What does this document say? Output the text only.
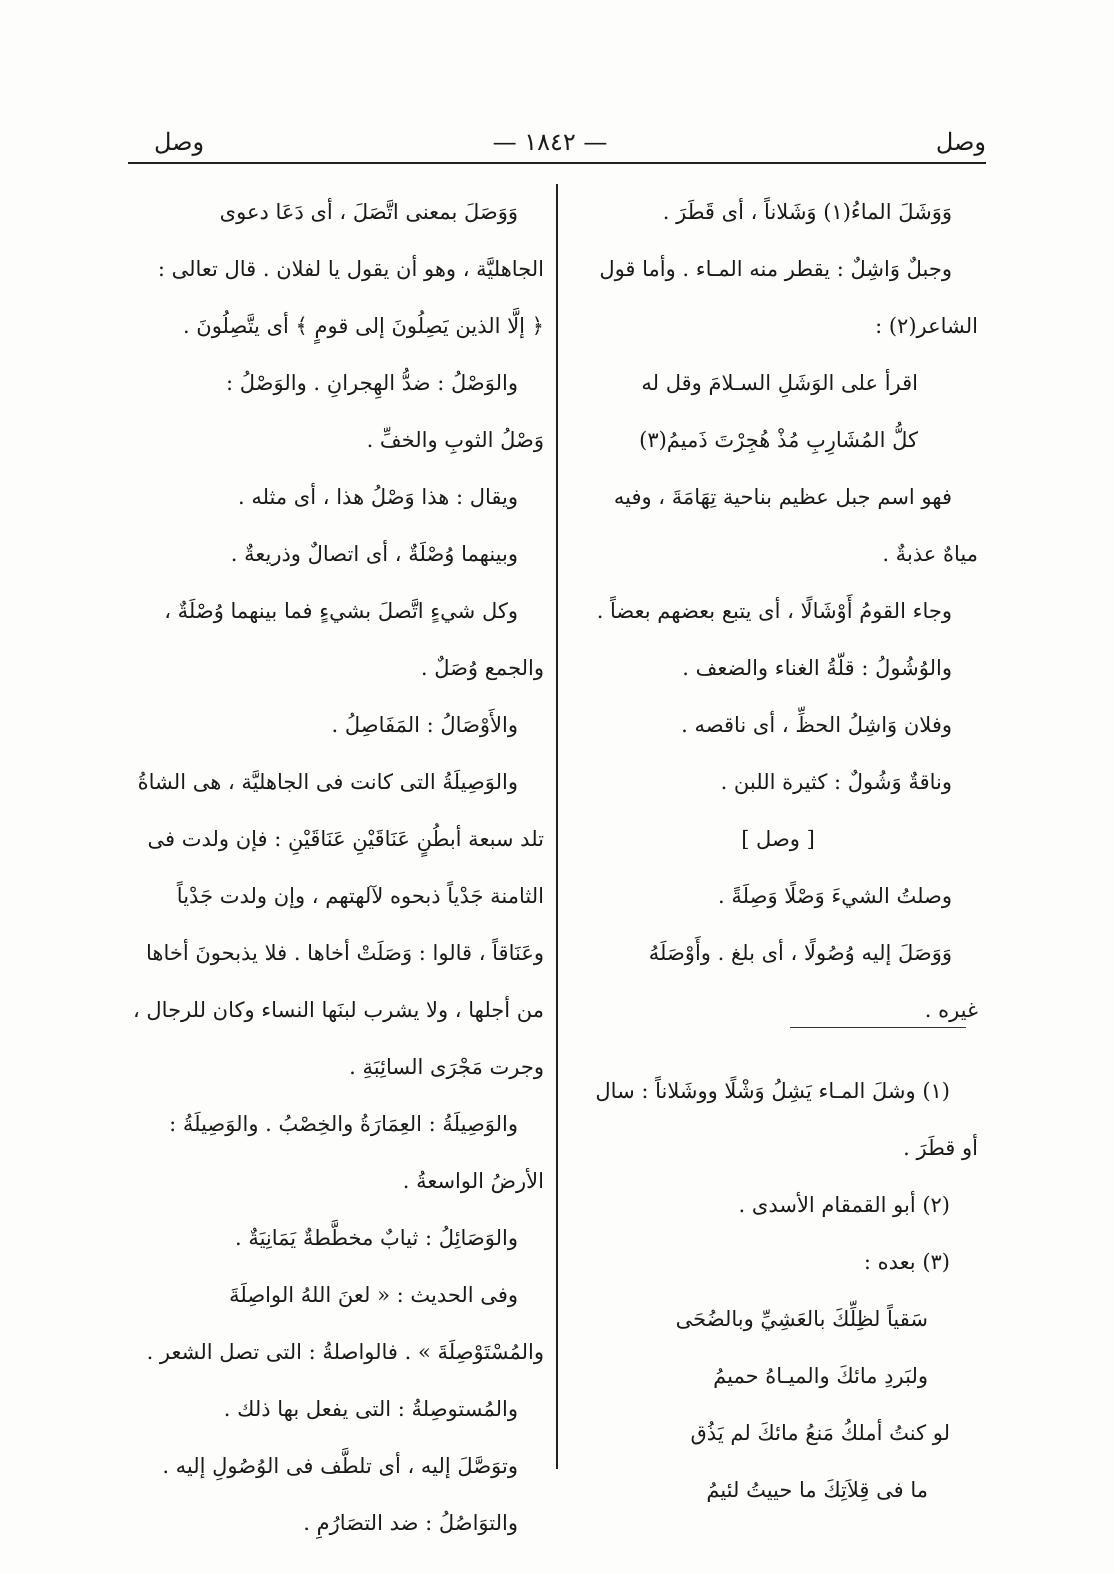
وصل
— ١٨٤٢ —
وصل

وَوَشَلَ الماءُ(١) وَشَلاناً ، أى قَطَرَ .

وجبلٌ وَاشِلٌ : يقطر منه المـاء . وأما قول

الشاعر(٢) :

اقرأ على الوَشَلِ السـلامَ وقل له

كلُّ المُشَارِبِ مُذْ هُجِرْتَ ذَميمُ(٣)

فهو اسم جبل عظيم بناحية تِهَامَةَ ، وفيه

مياهٌ عذبةٌ .

وجاء القومُ أَوْشَالًا ، أى يتبع بعضهم بعضاً .

والوُشُولُ : قلّةُ الغناء والضعف .

وفلان وَاشِلُ الحظِّ ، أى ناقصه .

وناقةٌ وَشُولٌ : كثيرة اللبن .

[ وصل ]

وصلتُ الشيءَ وَصْلًا وَصِلَةً .

وَوَصَلَ إليه وُصُولًا ، أى بلغ . وأَوْصَلَهُ

غيره .

(١) وشلَ المـاء يَشِلُ وَشْلًا ووشَلاناً : سال

أو قطَرَ .

(٢) أبو القمقام الأسدى .

(٣) بعده :

سَقياً لظِلِّكَ بالعَشِيِّ وبالضُحَى

ولبَردِ مائكَ والميـاهُ حميمُ

لو كنتُ أملكُ مَنعُ مائكَ لم يَذُق

ما فى قِلاَتِكَ ما حييتُ لئيمُ

وَوَصَلَ بمعنى اتَّصَلَ ، أى دَعَا دعوى

الجاهليَّة ، وهو أن يقول يا لفلان . قال تعالى :

﴿ إلَّا الذين يَصِلُونَ إلى قومٍ ﴾ أى يتَّصِلُونَ .

والوَصْلُ : ضدُّ الهِجرانِ . والوَصْلُ :

وَصْلُ الثوبِ والخفِّ .

ويقال : هذا وَصْلُ هذا ، أى مثله .

وبينهما وُصْلَةٌ ، أى اتصالٌ وذريعةٌ .

وكل شيءٍ اتَّصلَ بشيءٍ فما بينهما وُصْلَةٌ ،

والجمع وُصَلٌ .

والأَوْصَالُ : المَفَاصِلُ .

والوَصِيلَةُ التى كانت فى الجاهليَّة ، هى الشاةُ

تلد سبعة أبطُنٍ عَنَاقَيْنِ عَنَاقَيْنِ : فإن ولدت فى

الثامنة جَدْياً ذبحوه لآلهتهم ، وإن ولدت جَدْياً

وعَنَاقاً ، قالوا : وَصَلَتْ أخاها . فلا يذبحونَ أخاها

من أجلها ، ولا يشرب لبنَها النساء وكان للرجال ،

وجرت مَجْرَى السائِبَةِ .

والوَصِيلَةُ : العِمَارَةُ والخِصْبُ . والوَصِيلَةُ :

الأرضُ الواسعةُ .

والوَصَائِلُ : ثيابٌ مخطَّطةٌ يَمَانِيَةٌ .

وفى الحديث : « لعنَ اللهُ الواصِلَةَ

والمُسْتَوْصِلَةَ » . فالواصلةُ : التى تصل الشعر .

والمُستوصِلةُ : التى يفعل بها ذلك .

وتوَصَّلَ إليه ، أى تلطَّف فى الوُصُولِ إليه .

والتوَاصُلُ : ضد التصَارُمِ .
